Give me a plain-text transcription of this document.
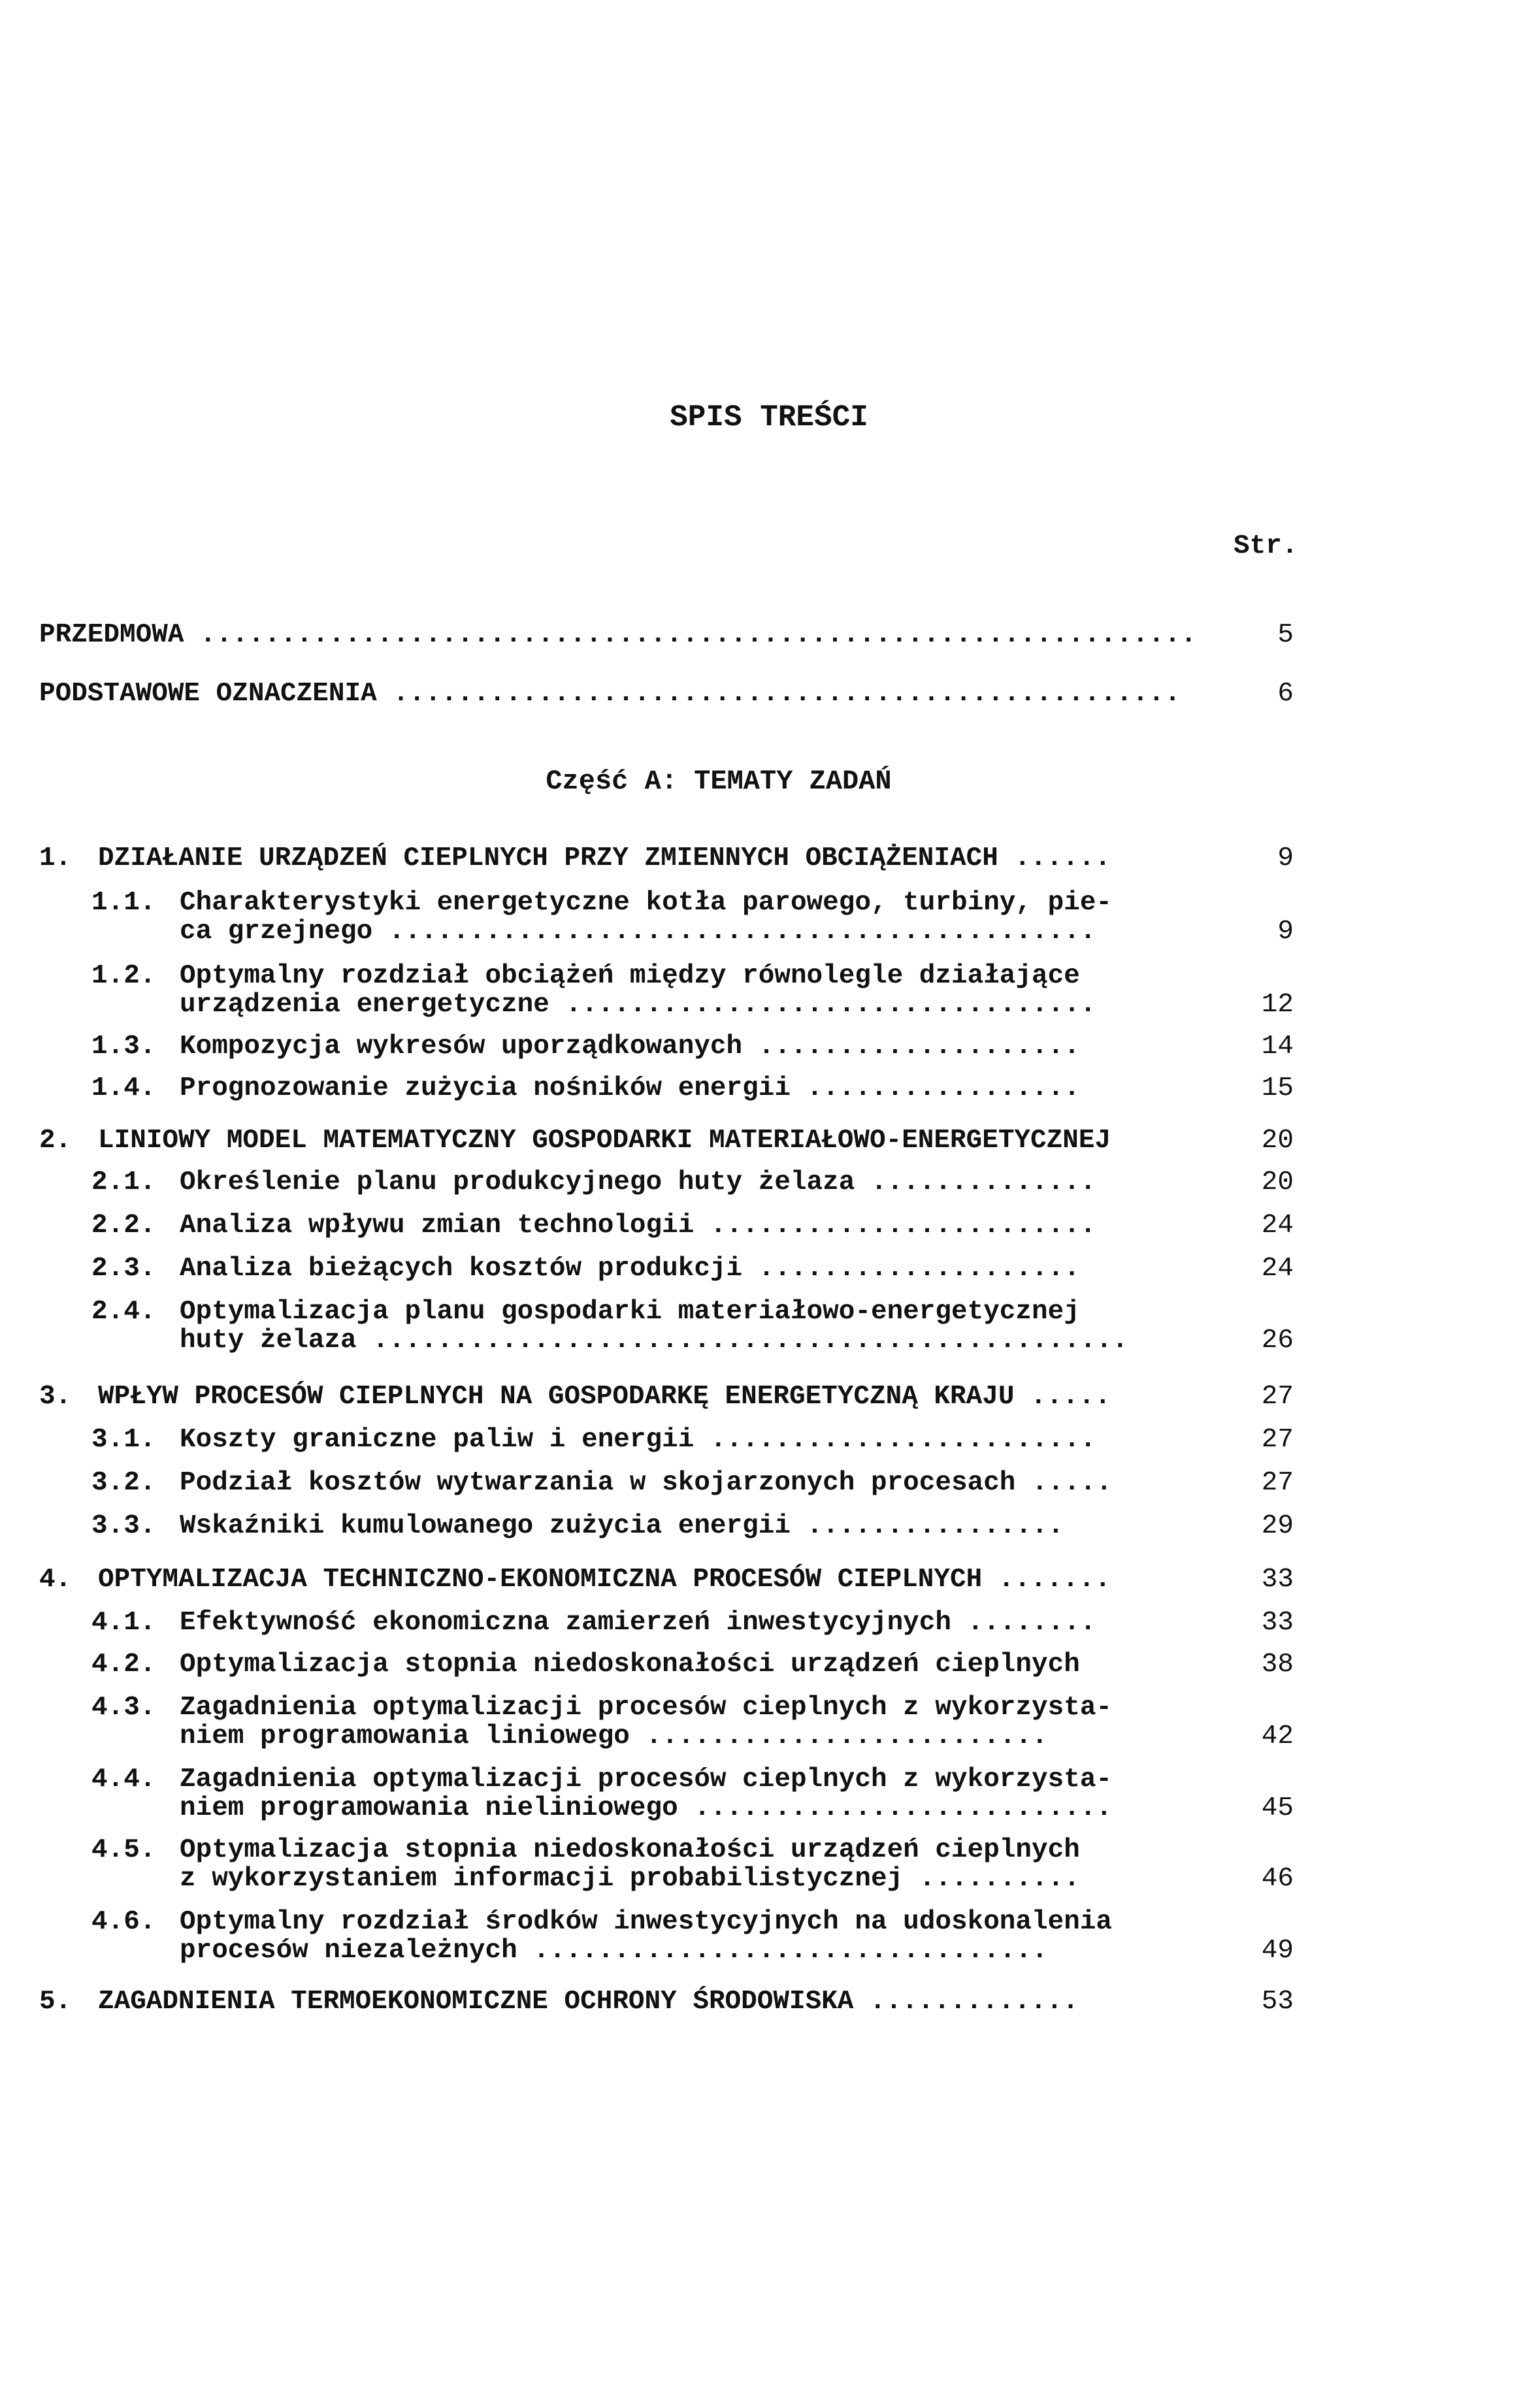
SPIS TREŚCI
Str.
PRZEDMOWA ..............................................................	5
PODSTAWOWE OZNACZENIA .................................................	6
Część A: TEMATY ZADAŃ
1. DZIAŁANIE URZĄDZEŃ CIEPLNYCH PRZY ZMIENNYCH OBCIĄŻENIACH ......	9
1.1. Charakterystyki energetyczne kotła parowego, turbiny, pie-
ca grzejnego ............................................	9
1.2. Optymalny rozdział obciążeń między równolegle działające
urządzenia energetyczne .................................	12
1.3. Kompozycja wykresów uporządkowanych ....................	14
1.4. Prognozowanie zużycia nośników energii .................	15
2. LINIOWY MODEL MATEMATYCZNY GOSPODARKI MATERIAŁOWO-ENERGETYCZNEJ	20
2.1. Określenie planu produkcyjnego huty żelaza ..............	20
2.2. Analiza wpływu zmian technologii ........................	24
2.3. Analiza bieżących kosztów produkcji ....................	24
2.4. Optymalizacja planu gospodarki materiałowo-energetycznej
huty żelaza ...............................................	26
3. WPŁYW PROCESÓW CIEPLNYCH NA GOSPODARKĘ ENERGETYCZNĄ KRAJU .....	27
3.1. Koszty graniczne paliw i energii ........................	27
3.2. Podział kosztów wytwarzania w skojarzonych procesach .....	27
3.3. Wskaźniki kumulowanego zużycia energii ................	29
4. OPTYMALIZACJA TECHNICZNO-EKONOMICZNA PROCESÓW CIEPLNYCH .......	33
4.1. Efektywność ekonomiczna zamierzeń inwestycyjnych ........	33
4.2. Optymalizacja stopnia niedoskonałości urządzeń cieplnych	38
4.3. Zagadnienia optymalizacji procesów cieplnych z wykorzysta-
niem programowania liniowego .........................	42
4.4. Zagadnienia optymalizacji procesów cieplnych z wykorzysta-
niem programowania nieliniowego ..........................	45
4.5. Optymalizacja stopnia niedoskonałości urządzeń cieplnych
z wykorzystaniem informacji probabilistycznej ..........	46
4.6. Optymalny rozdział środków inwestycyjnych na udoskonalenia
procesów niezależnych ................................	49
5. ZAGADNIENIA TERMOEKONOMICZNE OCHRONY ŚRODOWISKA .............	53
